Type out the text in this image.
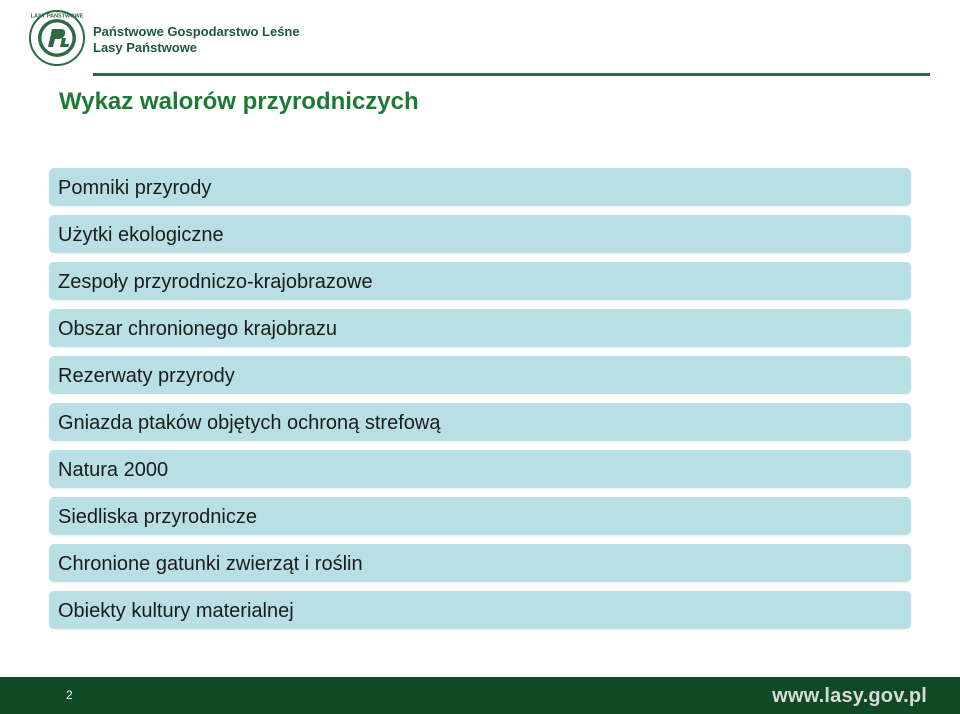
LASY PAŃSTWOWE
Państwowe Gospodarstwo Leśne
Lasy Państwowe
Wykaz walorów przyrodniczych
Pomniki przyrody
Użytki ekologiczne
Zespoły przyrodniczo-krajobrazowe
Obszar chronionego krajobrazu
Rezerwaty przyrody
Gniazda ptaków objętych ochroną strefową
Natura 2000
Siedliska przyrodnicze
Chronione gatunki zwierząt i roślin
Obiekty kultury materialnej
2	www.lasy.gov.pl
